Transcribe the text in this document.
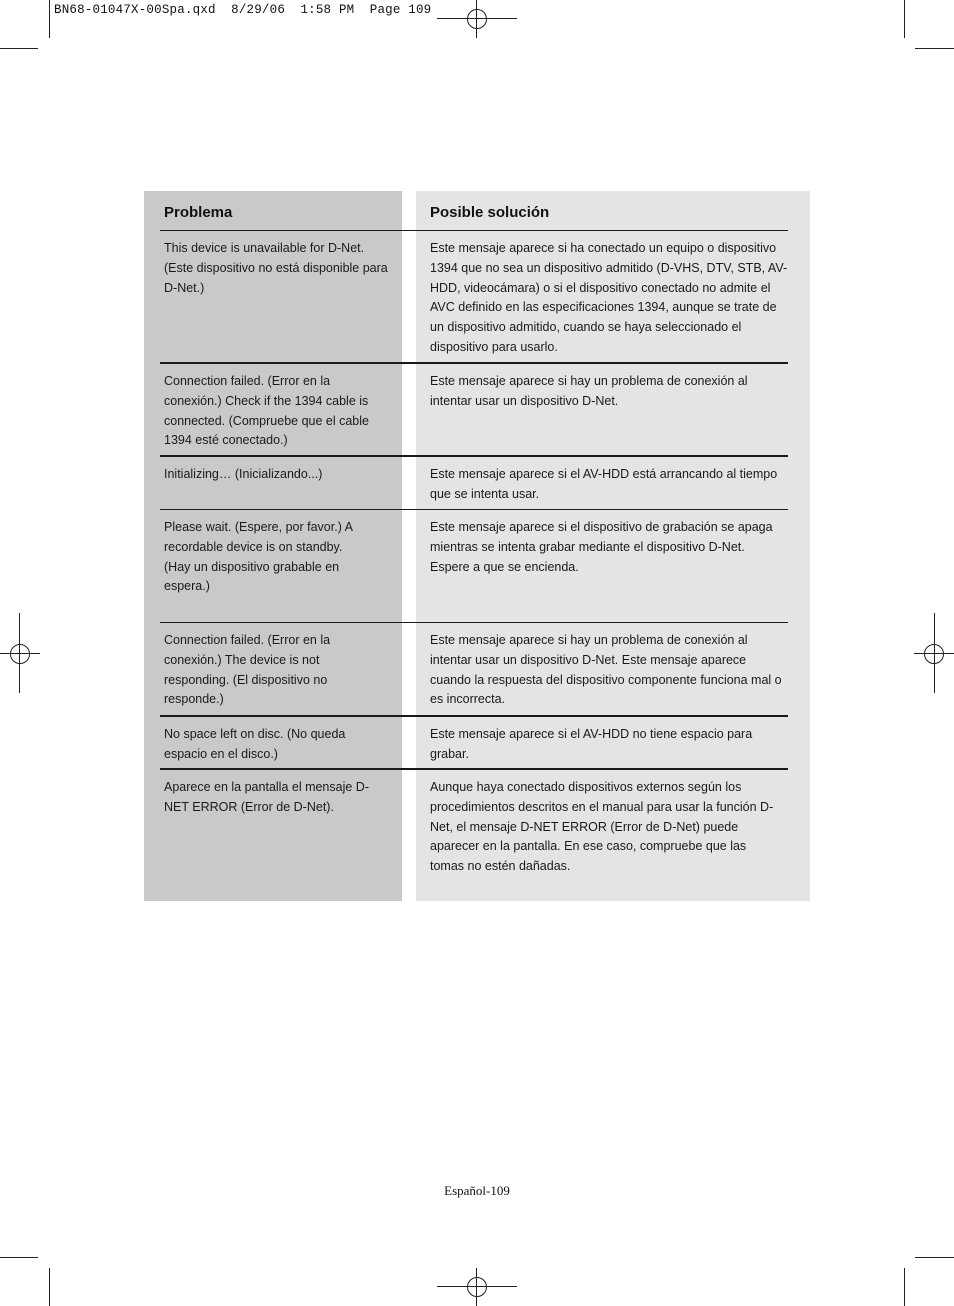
BN68-01047X-00Spa.qxd  8/29/06  1:58 PM  Page 109
Problema	Posible solución
This device is unavailable for D-Net. (Este dispositivo no está disponible para D-Net.)
Este mensaje aparece si ha conectado un equipo o dispositivo 1394 que no sea un dispositivo admitido (D-VHS, DTV, STB, AV-HDD, videocámara) o si el dispositivo conectado no admite el AVC definido en las especificaciones 1394, aunque se trate de un dispositivo admitido, cuando se haya seleccionado el dispositivo para usarlo.
Connection failed. (Error en la conexión.) Check if the 1394 cable is connected. (Compruebe que el cable 1394 esté conectado.)
Este mensaje aparece si hay un problema de conexión al intentar usar un dispositivo D-Net.
Initializing… (Inicializando...)	Este mensaje aparece si el AV-HDD está arrancando al tiempo que se intenta usar.
Please wait. (Espere, por favor.) A recordable device is on standby. (Hay un dispositivo grabable en espera.)
Este mensaje aparece si el dispositivo de grabación se apaga mientras se intenta grabar mediante el dispositivo D-Net. Espere a que se encienda.
Connection failed. (Error en la conexión.) The device is not responding. (El dispositivo no responde.)
Este mensaje aparece si hay un problema de conexión al intentar usar un dispositivo D-Net. Este mensaje aparece cuando la respuesta del dispositivo componente funciona mal o es incorrecta.
No space left on disc. (No queda espacio en el disco.)
Este mensaje aparece si el AV-HDD no tiene espacio para grabar.
Aparece en la pantalla el mensaje D-NET ERROR (Error de D-Net).
Aunque haya conectado dispositivos externos según los procedimientos descritos en el manual para usar la función D-Net, el mensaje D-NET ERROR (Error de D-Net) puede aparecer en la pantalla. En ese caso, compruebe que las tomas no estén dañadas.
Español-109
